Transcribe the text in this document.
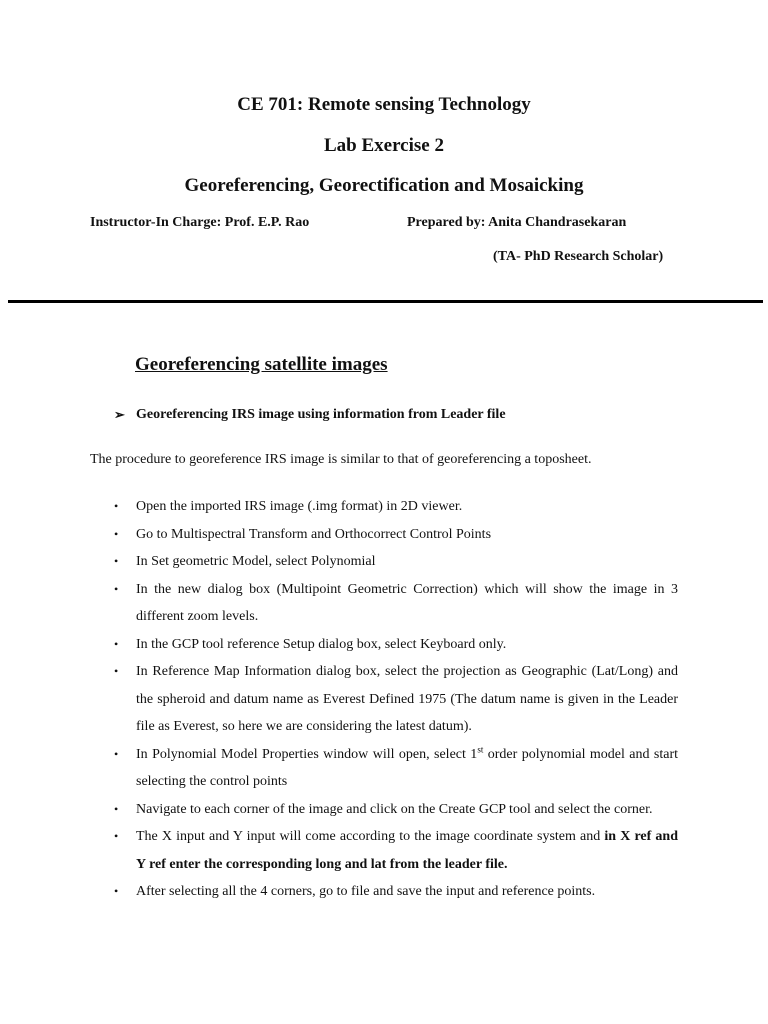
CE 701: Remote sensing Technology
Lab Exercise 2
Georeferencing, Georectification and Mosaicking

Instructor-In Charge: Prof. E.P. Rao	Prepared by: Anita Chandrasekaran

(TA- PhD Research Scholar)

Georeferencing satellite images

➢ Georeferencing IRS image using information from Leader file

The procedure to georeference IRS image is similar to that of georeferencing a toposheet.

• Open the imported IRS image (.img format) in 2D viewer.
• Go to Multispectral Transform and Orthocorrect Control Points
• In Set geometric Model, select Polynomial
• In the new dialog box (Multipoint Geometric Correction) which will show the image in 3 different zoom levels.
• In the GCP tool reference Setup dialog box, select Keyboard only.
• In Reference Map Information dialog box, select the projection as Geographic (Lat/Long) and the spheroid and datum name as Everest Defined 1975 (The datum name is given in the Leader file as Everest, so here we are considering the latest datum).
• In Polynomial Model Properties window will open, select 1st order polynomial model and start selecting the control points
• Navigate to each corner of the image and click on the Create GCP tool and select the corner.
• The X input and Y input will come according to the image coordinate system and in X ref and Y ref enter the corresponding long and lat from the leader file.
• After selecting all the 4 corners, go to file and save the input and reference points.
